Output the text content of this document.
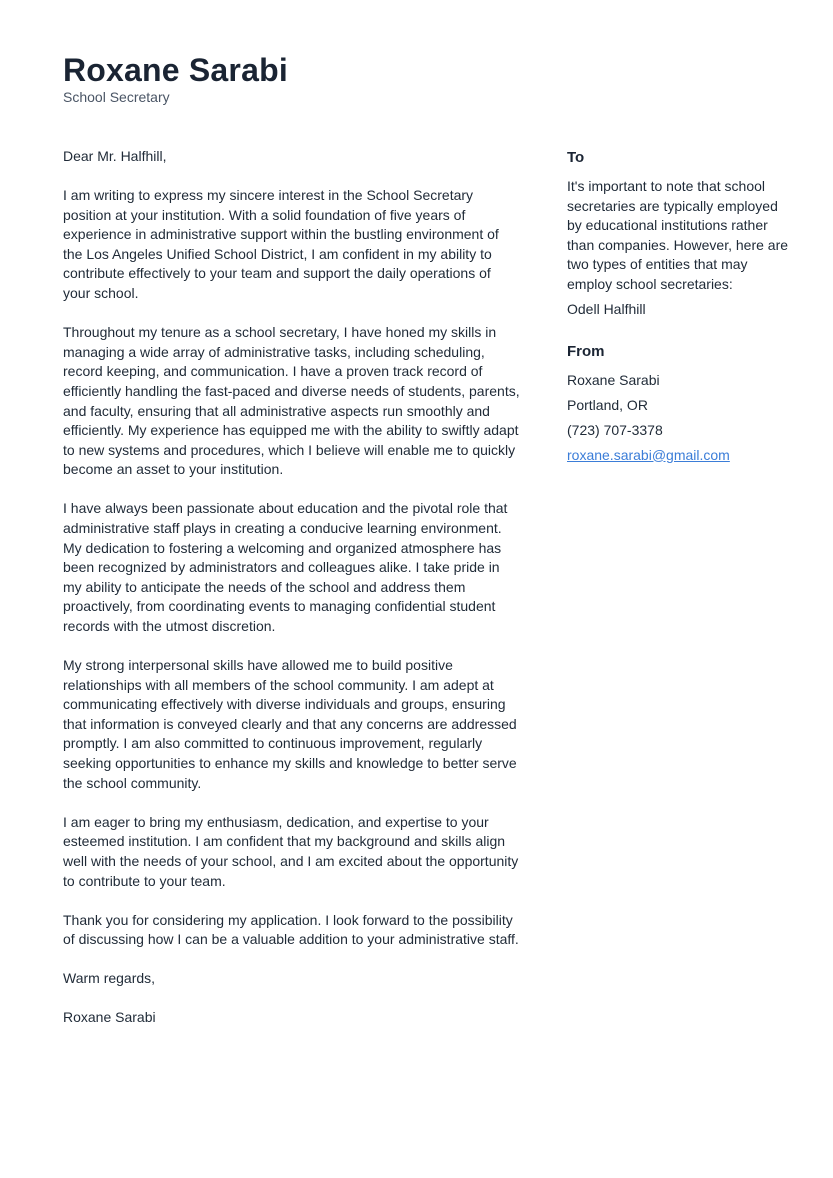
Roxane Sarabi
School Secretary

Dear Mr. Halfhill,

I am writing to express my sincere interest in the School Secretary position at your institution. With a solid foundation of five years of experience in administrative support within the bustling environment of the Los Angeles Unified School District, I am confident in my ability to contribute effectively to your team and support the daily operations of your school.

Throughout my tenure as a school secretary, I have honed my skills in managing a wide array of administrative tasks, including scheduling, record keeping, and communication. I have a proven track record of efficiently handling the fast-paced and diverse needs of students, parents, and faculty, ensuring that all administrative aspects run smoothly and efficiently. My experience has equipped me with the ability to swiftly adapt to new systems and procedures, which I believe will enable me to quickly become an asset to your institution.

I have always been passionate about education and the pivotal role that administrative staff plays in creating a conducive learning environment. My dedication to fostering a welcoming and organized atmosphere has been recognized by administrators and colleagues alike. I take pride in my ability to anticipate the needs of the school and address them proactively, from coordinating events to managing confidential student records with the utmost discretion.

My strong interpersonal skills have allowed me to build positive relationships with all members of the school community. I am adept at communicating effectively with diverse individuals and groups, ensuring that information is conveyed clearly and that any concerns are addressed promptly. I am also committed to continuous improvement, regularly seeking opportunities to enhance my skills and knowledge to better serve the school community.

I am eager to bring my enthusiasm, dedication, and expertise to your esteemed institution. I am confident that my background and skills align well with the needs of your school, and I am excited about the opportunity to contribute to your team.

Thank you for considering my application. I look forward to the possibility of discussing how I can be a valuable addition to your administrative staff.

Warm regards,

Roxane Sarabi

To
It's important to note that school secretaries are typically employed by educational institutions rather than companies. However, here are two types of entities that may employ school secretaries:
Odell Halfhill
From
Roxane Sarabi
Portland, OR
(723) 707-3378
roxane.sarabi@gmail.com
